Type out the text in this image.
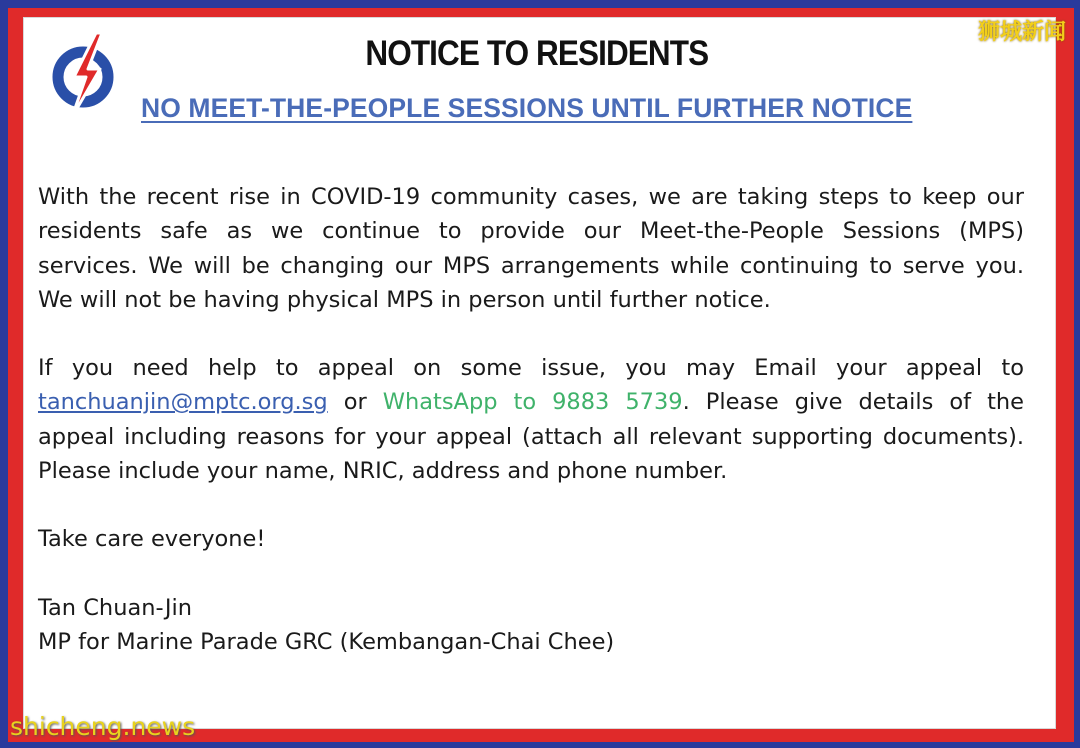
NOTICE TO RESIDENTS
NO MEET-THE-PEOPLE SESSIONS UNTIL FURTHER NOTICE

With the recent rise in COVID-19 community cases, we are taking steps to keep our
residents safe as we continue to provide our Meet-the-People Sessions (MPS)
services. We will be changing our MPS arrangements while continuing to serve you.
We will not be having physical MPS in person until further notice.

If you need help to appeal on some issue, you may Email your appeal to
tanchuanjin@mptc.org.sg or WhatsApp to 9883 5739. Please give details of the
appeal including reasons for your appeal (attach all relevant supporting documents).
Please include your name, NRIC, address and phone number.

Take care everyone!

Tan Chuan-Jin
MP for Marine Parade GRC (Kembangan-Chai Chee)

狮城新闻
shicheng.news
